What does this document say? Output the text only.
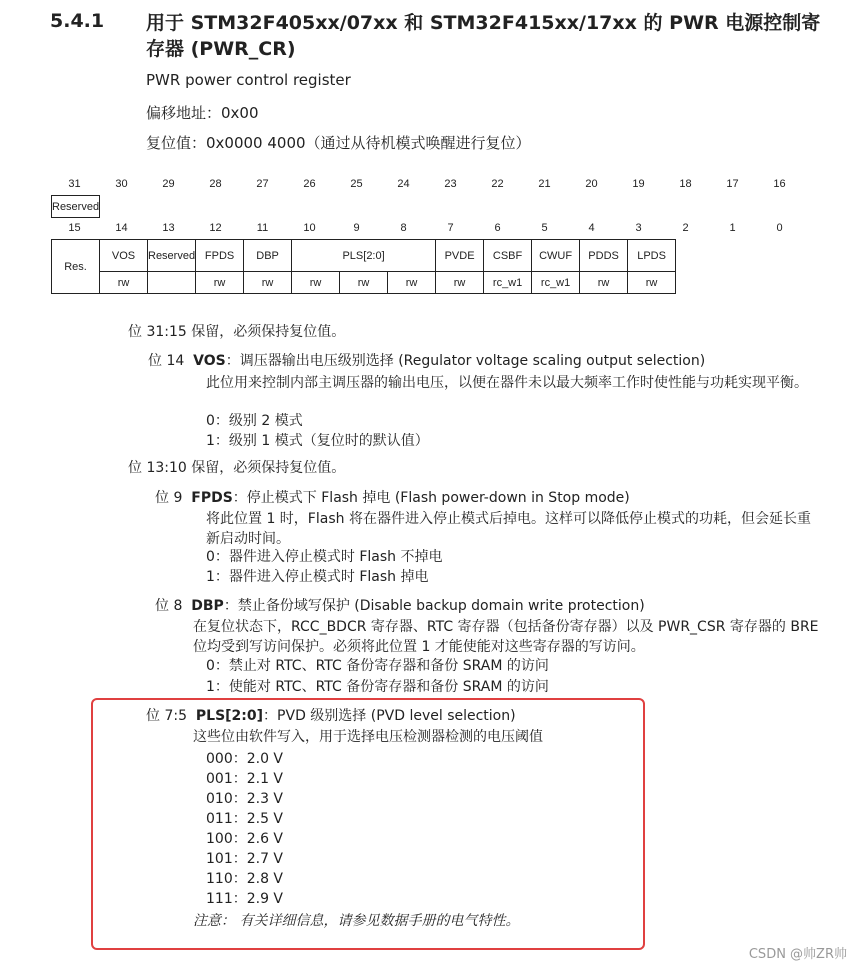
5.4.1 用于 STM32F405xx/07xx 和 STM32F415xx/17xx 的 PWR 电源控制寄存器 (PWR_CR)
PWR power control register
偏移地址：0x00
复位值：0x0000 4000（通过从待机模式唤醒进行复位）
31	30	29	28	27	26	25	24	23	22	21	20	19	18	17	16
Reserved
15	14	13	12	11	10	9	8	7	6	5	4	3	2	1	0
Res.	VOS	Reserved	FPDS	DBP	PLS[2:0]			PVDE	CSBF	CWUF	PDDS	LPDS
	rw		rw	rw	rw	rw	rw	rw	rc_w1	rc_w1	rw	rw
位 31:15 保留，必须保持复位值。
位 14 VOS：调压器输出电压级别选择 (Regulator voltage scaling output selection)
此位用来控制内部主调压器的输出电压，以便在器件未以最大频率工作时使性能与功耗实现平衡。
0：级别 2 模式
1：级别 1 模式（复位时的默认值）
位 13:10 保留，必须保持复位值。
位 9 FPDS：停止模式下 Flash 掉电 (Flash power-down in Stop mode)
将此位置 1 时，Flash 将在器件进入停止模式后掉电。这样可以降低停止模式的功耗，但会延长重新启动时间。
0：器件进入停止模式时 Flash 不掉电
1：器件进入停止模式时 Flash 掉电
位 8 DBP：禁止备份域写保护 (Disable backup domain write protection)
在复位状态下，RCC_BDCR 寄存器、RTC 寄存器（包括备份寄存器）以及 PWR_CSR 寄存器的 BRE 位均受到写访问保护。必须将此位置 1 才能使能对这些寄存器的写访问。
0：禁止对 RTC、RTC 备份寄存器和备份 SRAM 的访问
1：使能对 RTC、RTC 备份寄存器和备份 SRAM 的访问
位 7:5 PLS[2:0]：PVD 级别选择 (PVD level selection)
这些位由软件写入，用于选择电压检测器检测的电压阈值
000：2.0 V
001：2.1 V
010：2.3 V
011：2.5 V
100：2.6 V
101：2.7 V
110：2.8 V
111：2.9 V
注意： 有关详细信息，请参见数据手册的电气特性。
CSDN @帅ZR帅
